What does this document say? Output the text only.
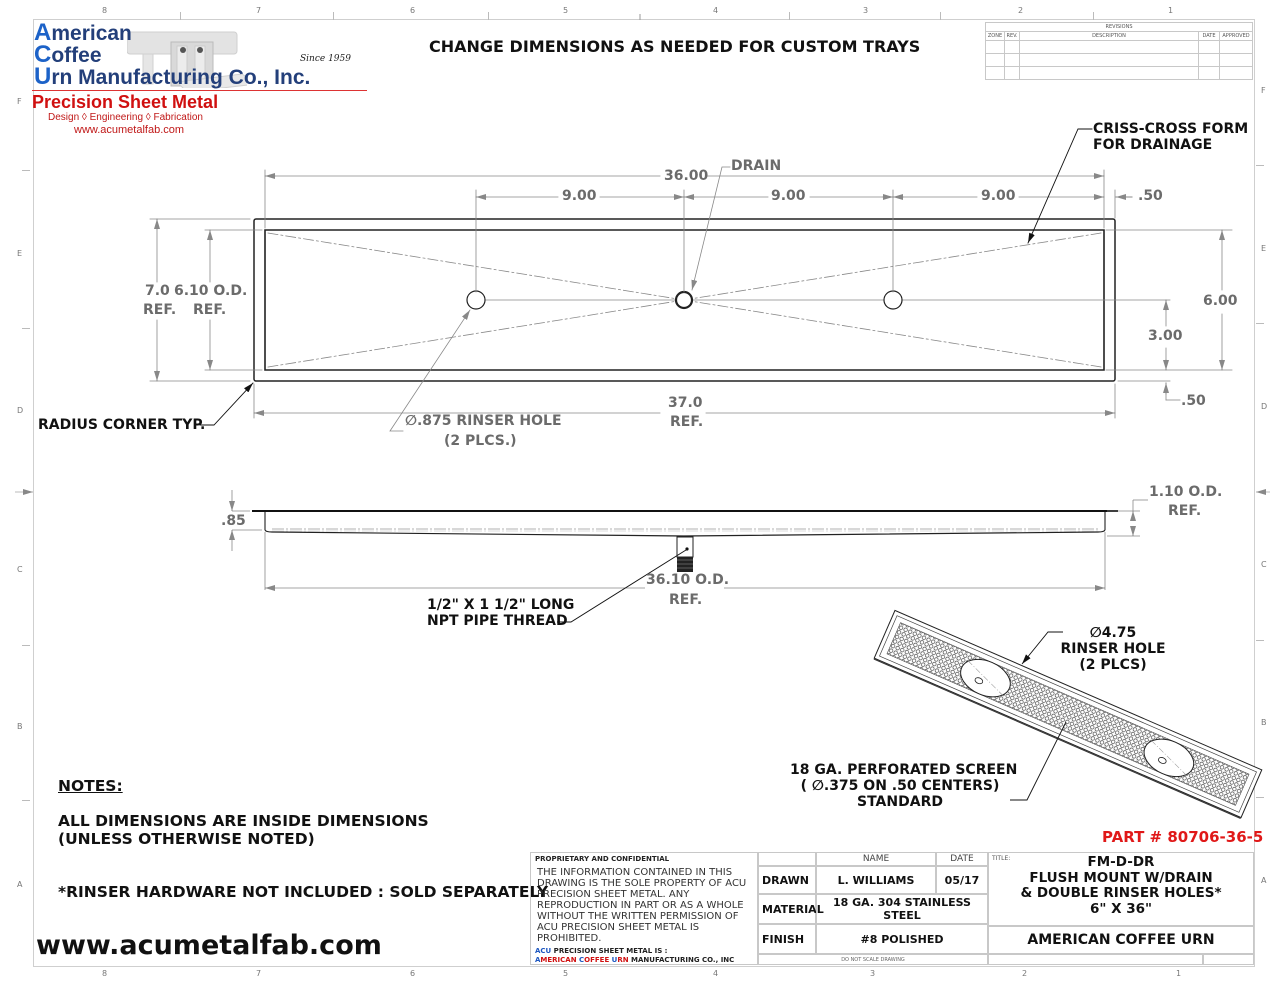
8	7	6	5	4	3	2	1
8	7	6	5	4	3	2	1
F
E
D
C
B
A
F
E
D
C
B
A
American
Coffee
Urn Manufacturing Co., Inc.
Since 1959
Precision Sheet Metal
Design ◊ Engineering ◊ Fabrication
www.acumetalfab.com
CHANGE DIMENSIONS AS NEEDED FOR CUSTOM TRAYS
REVISIONS				
ZONE	REV.	DESCRIPTION	DATE	APPROVED

36.00
DRAIN
9.00	9.00	9.00	.50
CRISS-CROSS FORM
FOR DRAINAGE
7.0
REF.
6.10 O.D.
REF.
6.00
3.00
.50
37.0
REF.
RADIUS CORNER TYP.	∅.875 RINSER HOLE
(2 PLCS.)
.85
1.10 O.D.
REF.
36.10 O.D.
REF.
1/2" X 1 1/2" LONG
NPT PIPE THREAD
∅4.75
RINSER HOLE
(2 PLCS)
18 GA. PERFORATED SCREEN
( ∅.375 ON .50 CENTERS)
STANDARD
NOTES:
ALL DIMENSIONS ARE INSIDE DIMENSIONS
(UNLESS OTHERWISE NOTED)
*RINSER HARDWARE NOT INCLUDED : SOLD SEPARATELY
www.acumetalfab.com
PART # 80706-36-5
PROPRIETARY AND CONFIDENTIAL
THE INFORMATION CONTAINED IN THIS DRAWING IS THE SOLE PROPERTY OF ACU PRECISION SHEET METAL. ANY REPRODUCTION IN PART OR AS A WHOLE WITHOUT THE WRITTEN PERMISSION OF ACU PRECISION SHEET METAL IS PROHIBITED.
ACU PRECISION SHEET METAL IS :
AMERICAN COFFEE URN MANUFACTURING CO., INC
NAME	DATE
DRAWN	L. WILLIAMS	05/17
MATERIAL 18 GA. 304 STAINLESS STEEL
FINISH	#8 POLISHED
DO NOT SCALE DRAWING
TITLE:	FM-D-DR
FLUSH MOUNT W/DRAIN
& DOUBLE RINSER HOLES*
6" X 36"
AMERICAN COFFEE URN
